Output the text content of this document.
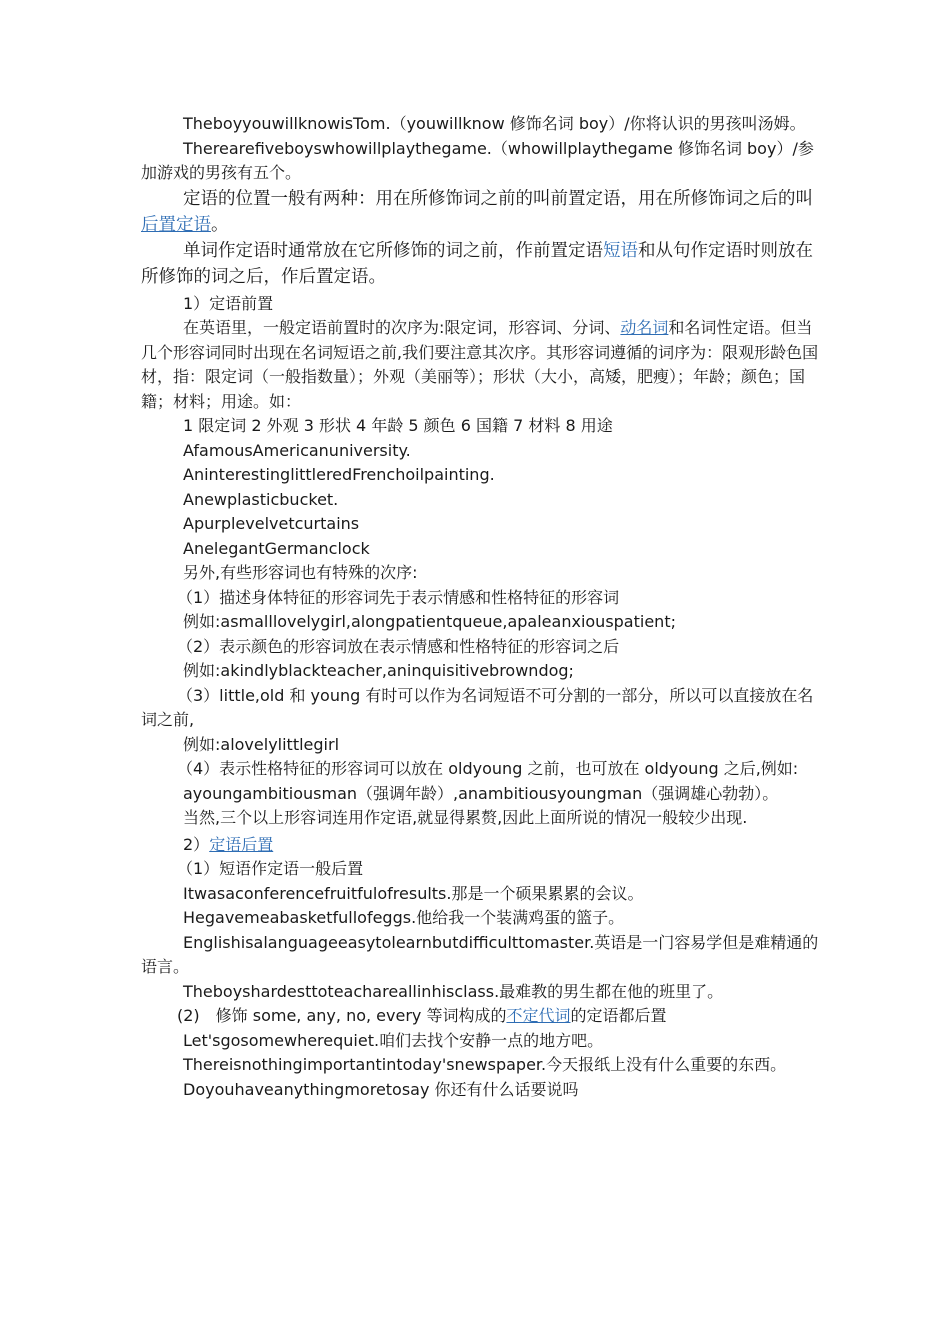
TheboyyouwillknowisTom.（youwillknow 修饰名词 boy）/你将认识的男孩叫汤姆。

Therearefiveboyswhowillplaythegame.（whowillplaythegame 修饰名词 boy）/参加游戏的男孩有五个。

定语的位置一般有两种：用在所修饰词之前的叫前置定语，用在所修饰词之后的叫后置定语。

单词作定语时通常放在它所修饰的词之前，作前置定语短语和从句作定语时则放在所修饰的词之后，作后置定语。

1）定语前置

在英语里，一般定语前置时的次序为:限定词，形容词、分词、动名词和名词性定语。但当几个形容词同时出现在名词短语之前,我们要注意其次序。其形容词遵循的词序为：限观形龄色国材，指：限定词（一般指数量）；外观（美丽等）；形状（大小，高矮，肥瘦）；年龄；颜色；国籍；材料；用途。如：

1 限定词 2 外观 3 形状 4 年龄 5 颜色 6 国籍 7 材料 8 用途

AfamousAmericanuniversity.

AninterestinglittleredFrenchoilpainting.

Anewplasticbucket.

Apurplevelvetcurtains

AnelegantGermanclock

另外,有些形容词也有特殊的次序:

（1）描述身体特征的形容词先于表示情感和性格特征的形容词

例如:asmalllovelygirl,alongpatientqueue,apaleanxiouspatient;

（2）表示颜色的形容词放在表示情感和性格特征的形容词之后

例如:akindlyblackteacher,aninquisitivebrowndog;

（3）little,old 和 young 有时可以作为名词短语不可分割的一部分，所以可以直接放在名词之前,

例如:alovelylittlegirl

（4）表示性格特征的形容词可以放在 oldyoung 之前，也可放在 oldyoung 之后,例如:

ayoungambitiousman（强调年龄）,anambitiousyoungman（强调雄心勃勃）。

当然,三个以上形容词连用作定语,就显得累赘,因此上面所说的情况一般较少出现.

2）定语后置

（1）短语作定语一般后置

Itwasaconferencefruitfulofresults.那是一个硕果累累的会议。

Hegavemeabasketfullofeggs.他给我一个装满鸡蛋的篮子。

Englishisalanguageeasytolearnbutdifficulttomaster.英语是一门容易学但是难精通的语言。

Theboyshardesttoteachareallinhisclass.最难教的男生都在他的班里了。

(2)　修饰 some, any, no, every 等词构成的不定代词的定语都后置

Let'sgosomewherequiet.咱们去找个安静一点的地方吧。

Thereisnothingimportantintoday'snewspaper.今天报纸上没有什么重要的东西。

Doyouhaveanythingmoretosay 你还有什么话要说吗
